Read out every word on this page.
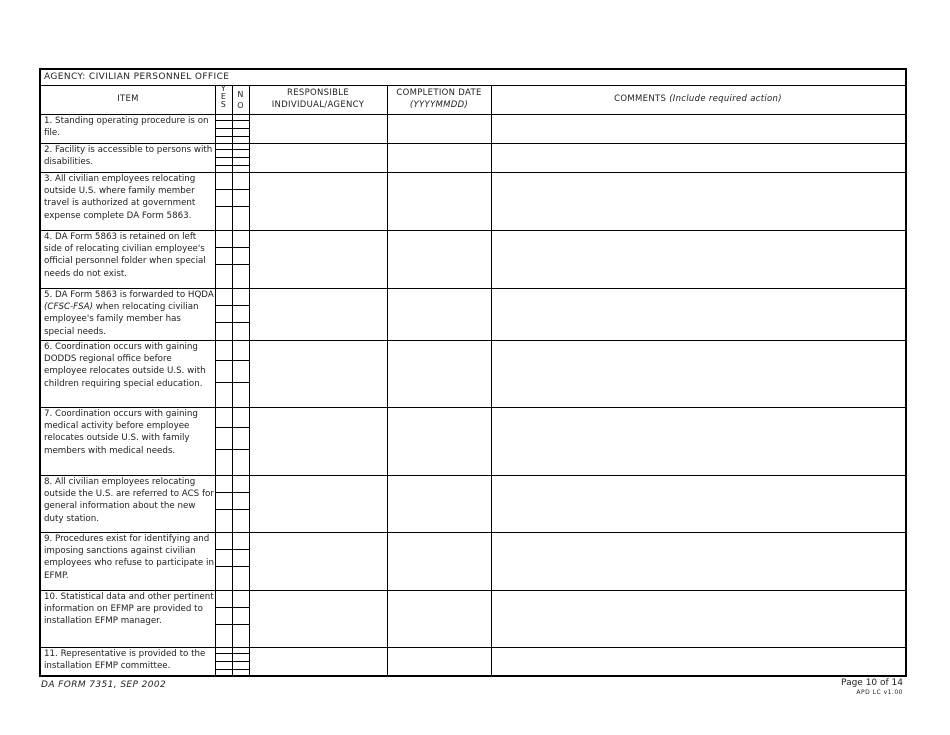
AGENCY: CIVILIAN PERSONNEL OFFICE
ITEM
Y
E
S
N
O
RESPONSIBLE
INDIVIDUAL/AGENCY
COMPLETION DATE
(YYYYMMDD)
COMMENTS (Include required action)
1. Standing operating procedure is on file.
2. Facility is accessible to persons with disabilities.
3. All civilian employees relocating outside U.S. where family member travel is authorized at government expense complete DA Form 5863.
4. DA Form 5863 is retained on left side of relocating civilian employee's official personnel folder when special needs do not exist.
5. DA Form 5863 is forwarded to HQDA (CFSC-FSA) when relocating civilian employee's family member has special needs.
6. Coordination occurs with gaining DODDS regional office before employee relocates outside U.S. with children requiring special education.
7. Coordination occurs with gaining medical activity before employee relocates outside U.S. with family members with medical needs.
8. All civilian employees relocating outside the U.S. are referred to ACS for general information about the new duty station.
9. Procedures exist for identifying and imposing sanctions against civilian employees who refuse to participate in EFMP.
10. Statistical data and other pertinent information on EFMP are provided to installation EFMP manager.
11. Representative is provided to the installation EFMP committee.
DA FORM 7351, SEP 2002	Page 10 of 14
APD LC v1.00
